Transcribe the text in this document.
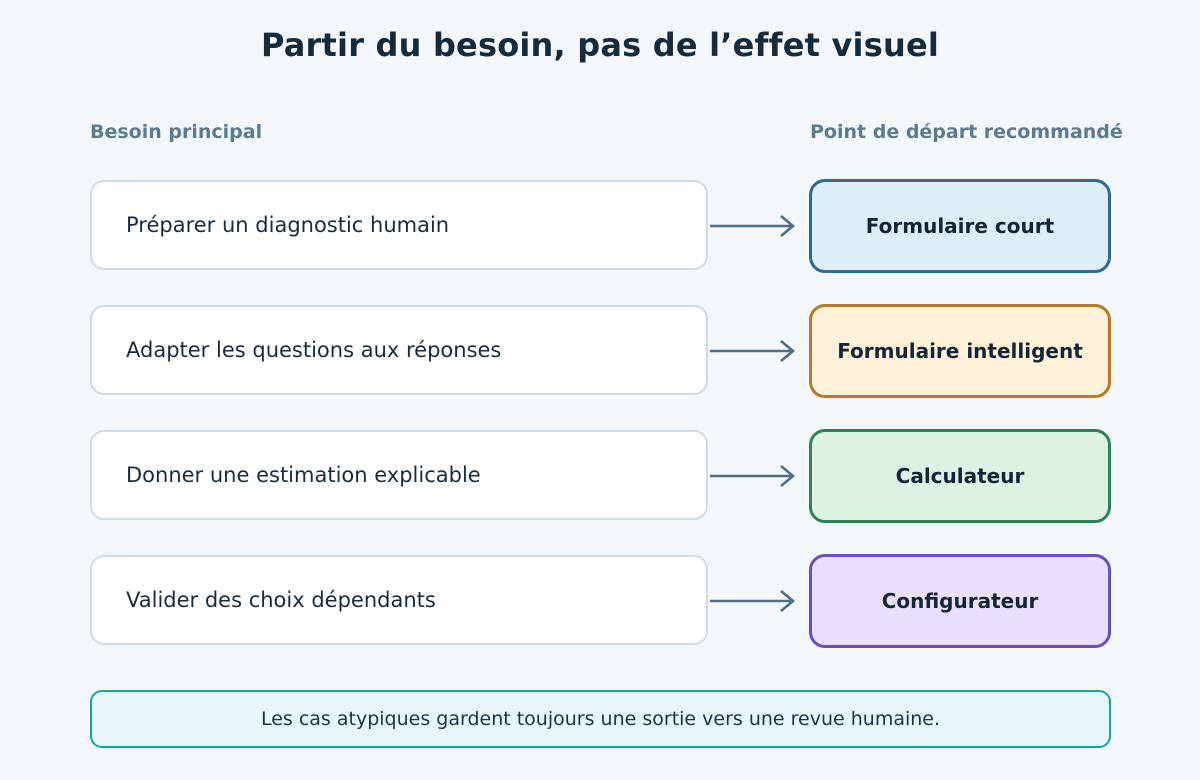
Partir du besoin, pas de l’effet visuel
Besoin principal	Point de départ recommandé
Préparer un diagnostic humain	Formulaire court
Adapter les questions aux réponses	Formulaire intelligent
Donner une estimation explicable	Calculateur
Valider des choix dépendants	Configurateur
Les cas atypiques gardent toujours une sortie vers une revue humaine.
